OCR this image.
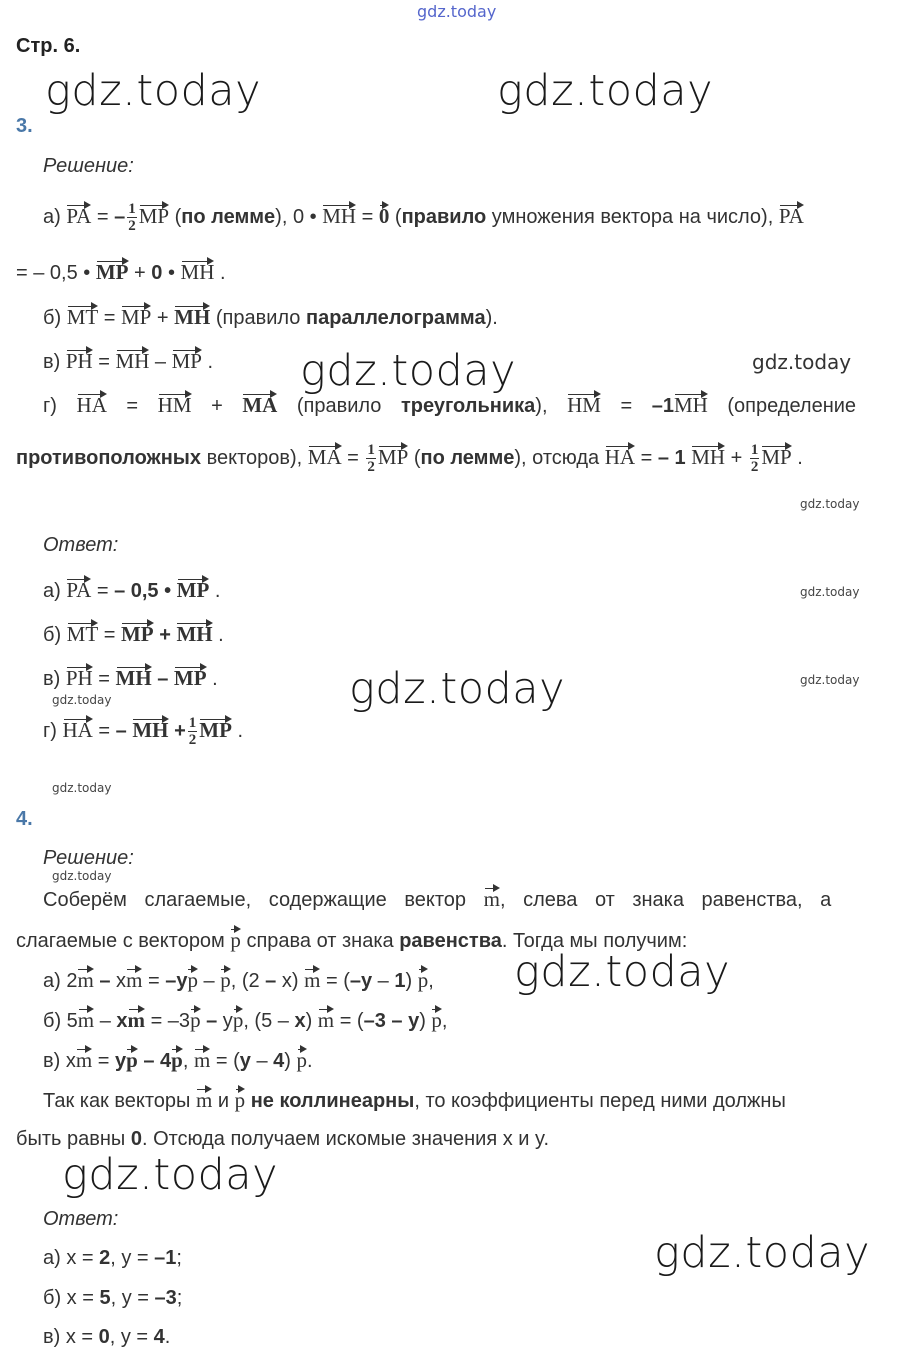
gdz.today
gdz.today	gdz.today
gdz.today	gdz.today
gdz.today
gdz.today
gdz.today
gdz.today
gdz.today
gdz.today
gdz.today
gdz.today
gdz.today
gdz.today
Стр. 6.
3.
Решение:
а) PA = – $\frac{1}{2}$ MP (по лемме), 0 • MH = 0 (правило умножения вектора на число), PA
= – 0,5 • MP + 0 • MH .
б) MT = MP + MH (правило параллелограмма).
в) PH = MH – MP .
г) HA = HM + MA (правило треугольника), HM = –1MH (определение
противоположных векторов), MA = $\frac{1}{2}$ MP (по лемме), отсюда HA = – 1 MH + $\frac{1}{2}$ MP .
Ответ:
а) PA = – 0,5 • MP .
б) MT = MP + MH .
в) PH = MH – MP .
г) HA = – MH + $\frac{1}{2}$ MP .
4.
Решение:
Соберём слагаемые, содержащие вектор m, слева от знака равенства, а
слагаемые с вектором p справа от знака равенства. Тогда мы получим:
а) 2m – xm = –yp – p, (2 – x) m = (–y – 1) p,
б) 5m – xm = –3p – yp, (5 – x) m = (–3 – y) p,
в) xm = yp – 4p, m = (y – 4) p.
Так как векторы m и p не коллинеарны, то коэффициенты перед ними должны
быть равны 0. Отсюда получаем искомые значения x и y.
Ответ:
а) x = 2, y = –1;
б) x = 5, y = –3;
в) x = 0, y = 4.
